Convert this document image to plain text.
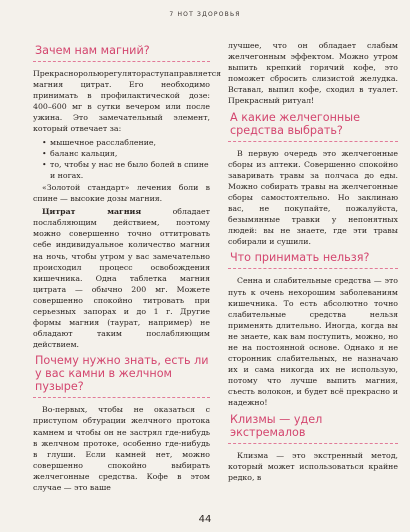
7 НОТ ЗДОРОВЬЯ
Зачем нам магний?

Прекраснорольюрегулятораступаправляется магния цитрат. Его необходимо принимать в профилактической дозе: 400–600 мг в сутки вечером или после ужина. Это замечательный элемент, который отвечает за:

• мышечное расслабление,
• баланс кальция,
• то, чтобы у нас не было болей в спине и ногах.

«Золотой стандарт» лечения боли в спине — высокие дозы магния.

Цитрат магния обладает послабляющим действием, поэтому можно совершенно точно оттитровать себе индивидуальное количество магния на ночь, чтобы утром у вас замечательно происходил процесс освобождения кишечника. Одна таблетка магния цитрата — обычно 200 мг. Можете совершенно спокойно титровать при серьезных запорах и до 1 г. Другие формы магния (таурат, например) не обладают таким послабляющим действием.

Почему нужно знать, есть ли у вас камни в желчном пузыре?

Во-первых, чтобы не оказаться с приступом обтурации желчного протока камнем и чтобы он не застрял где-нибудь в желчном протоке, особенно где-нибудь в глуши. Если камней нет, можно совершенно спокойно выбирать желчегонные средства. Кофе в этом случае — это ваше

лучшее, что он обладает слабым желчегонным эффектом. Можно утром выпить крепкий горячий кофе, это поможет сбросить слизистой желудка. Вставал, выпил кофе, сходил в туалет. Прекрасный ритуал!

А какие желчегонные средства выбрать?

В первую очередь это желчегонные сборы из аптеки. Совершенно спокойно заваривать травы за полчаса до еды. Можно собирать травы на желчегонные сборы самостоятельно. Но заклинаю вас, не покупайте, пожалуйста, безымянные травки у непонятных людей: вы не знаете, где эти травы собирали и сушили.

Что принимать нельзя?

Сенна и слабительные средства — это путь к очень нехорошим заболеваниям кишечника. То есть абсолютно точно слабительные средства нельзя применять длительно. Иногда, когда вы не знаете, как вам поступить, можно, но не на постоянной основе. Однако я не сторонник слабительных, не назначаю их и сама никогда их не использую, потому что лучше выпить магния, съесть волокон, и будет всё прекрасно и надежно!

Клизмы — удел экстремалов

Клизма — это экстренный метод, который может использоваться крайне редко, в

44
